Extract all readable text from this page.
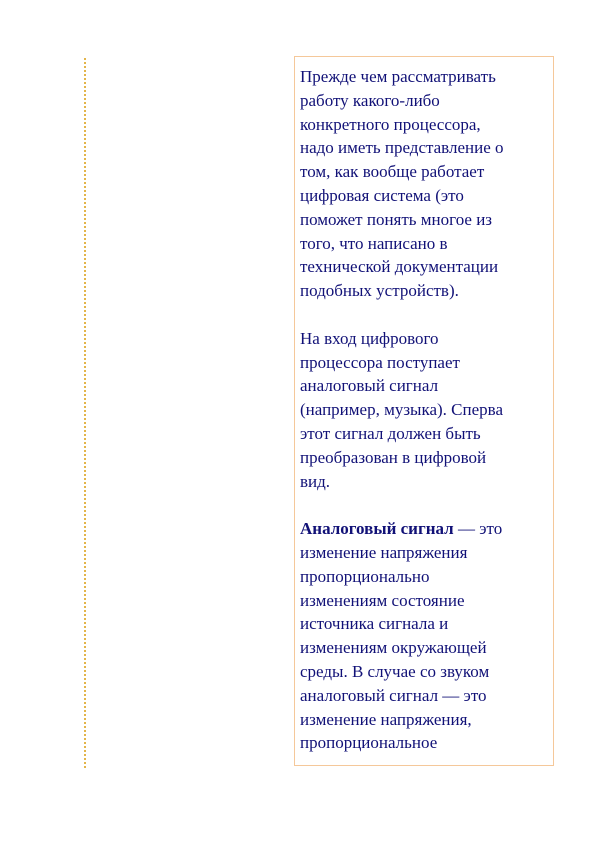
Прежде чем рассматривать
работу какого-либо
конкретного процессора,
надо иметь представление о
том, как вообще работает
цифровая система (это
поможет понять многое из
того, что написано в
технической документации
подобных устройств).

На вход цифрового
процессора поступает
аналоговый сигнал
(например, музыка). Сперва
этот сигнал должен быть
преобразован в цифровой
вид.

Аналоговый сигнал — это
изменение напряжения
пропорционально
изменениям состояние
источника сигнала и
изменениям окружающей
среды. В случае со звуком
аналоговый сигнал — это
изменение напряжения,
пропорциональное
